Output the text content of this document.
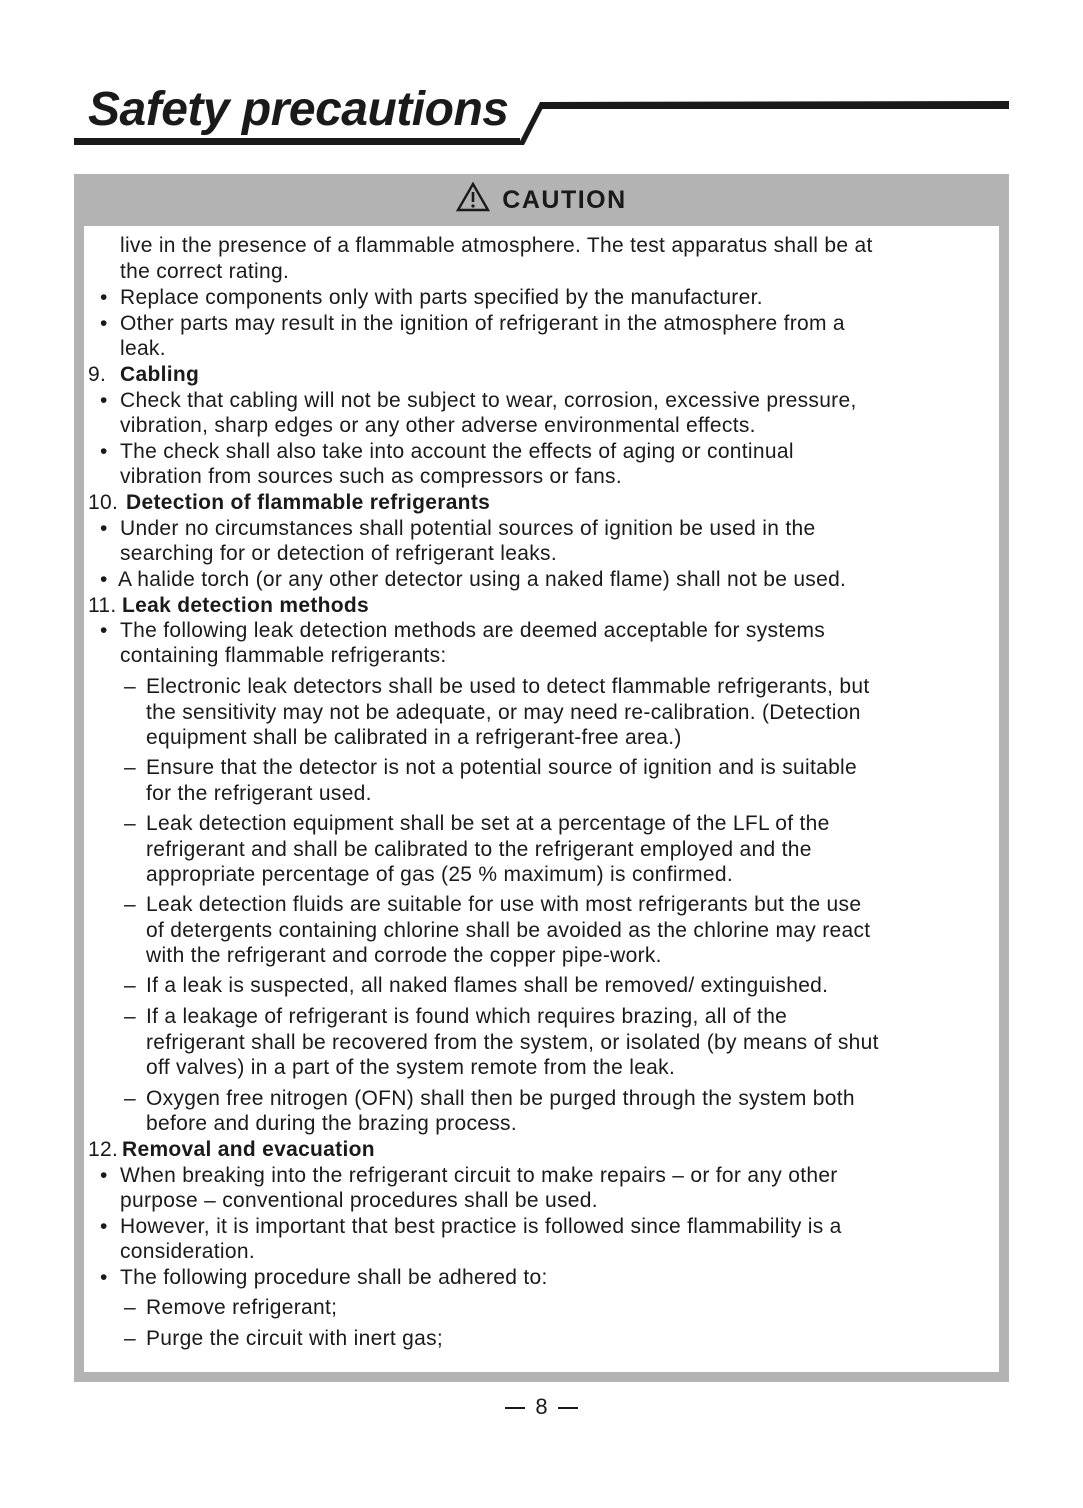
Safety precautions
CAUTION
live in the presence of a flammable atmosphere. The test apparatus shall be at
the correct rating.
• Replace components only with parts specified by the manufacturer.
• Other parts may result in the ignition of refrigerant in the atmosphere from a
leak.
9. Cabling
• Check that cabling will not be subject to wear, corrosion, excessive pressure,
vibration, sharp edges or any other adverse environmental effects.
• The check shall also take into account the effects of aging or continual
vibration from sources such as compressors or fans.
10. Detection of flammable refrigerants
• Under no circumstances shall potential sources of ignition be used in the
searching for or detection of refrigerant leaks.
• A halide torch (or any other detector using a naked flame) shall not be used.
11. Leak detection methods
• The following leak detection methods are deemed acceptable for systems
containing flammable refrigerants:
– Electronic leak detectors shall be used to detect flammable refrigerants, but
the sensitivity may not be adequate, or may need re-calibration. (Detection
equipment shall be calibrated in a refrigerant-free area.)
– Ensure that the detector is not a potential source of ignition and is suitable
for the refrigerant used.
– Leak detection equipment shall be set at a percentage of the LFL of the
refrigerant and shall be calibrated to the refrigerant employed and the
appropriate percentage of gas (25 % maximum) is confirmed.
– Leak detection fluids are suitable for use with most refrigerants but the use
of detergents containing chlorine shall be avoided as the chlorine may react
with the refrigerant and corrode the copper pipe-work.
– If a leak is suspected, all naked flames shall be removed/ extinguished.
– If a leakage of refrigerant is found which requires brazing, all of the
refrigerant shall be recovered from the system, or isolated (by means of shut
off valves) in a part of the system remote from the leak.
– Oxygen free nitrogen (OFN) shall then be purged through the system both
before and during the brazing process.
12. Removal and evacuation
• When breaking into the refrigerant circuit to make repairs – or for any other
purpose – conventional procedures shall be used.
• However, it is important that best practice is followed since flammability is a
consideration.
• The following procedure shall be adhered to:
– Remove refrigerant;
– Purge the circuit with inert gas;
8
